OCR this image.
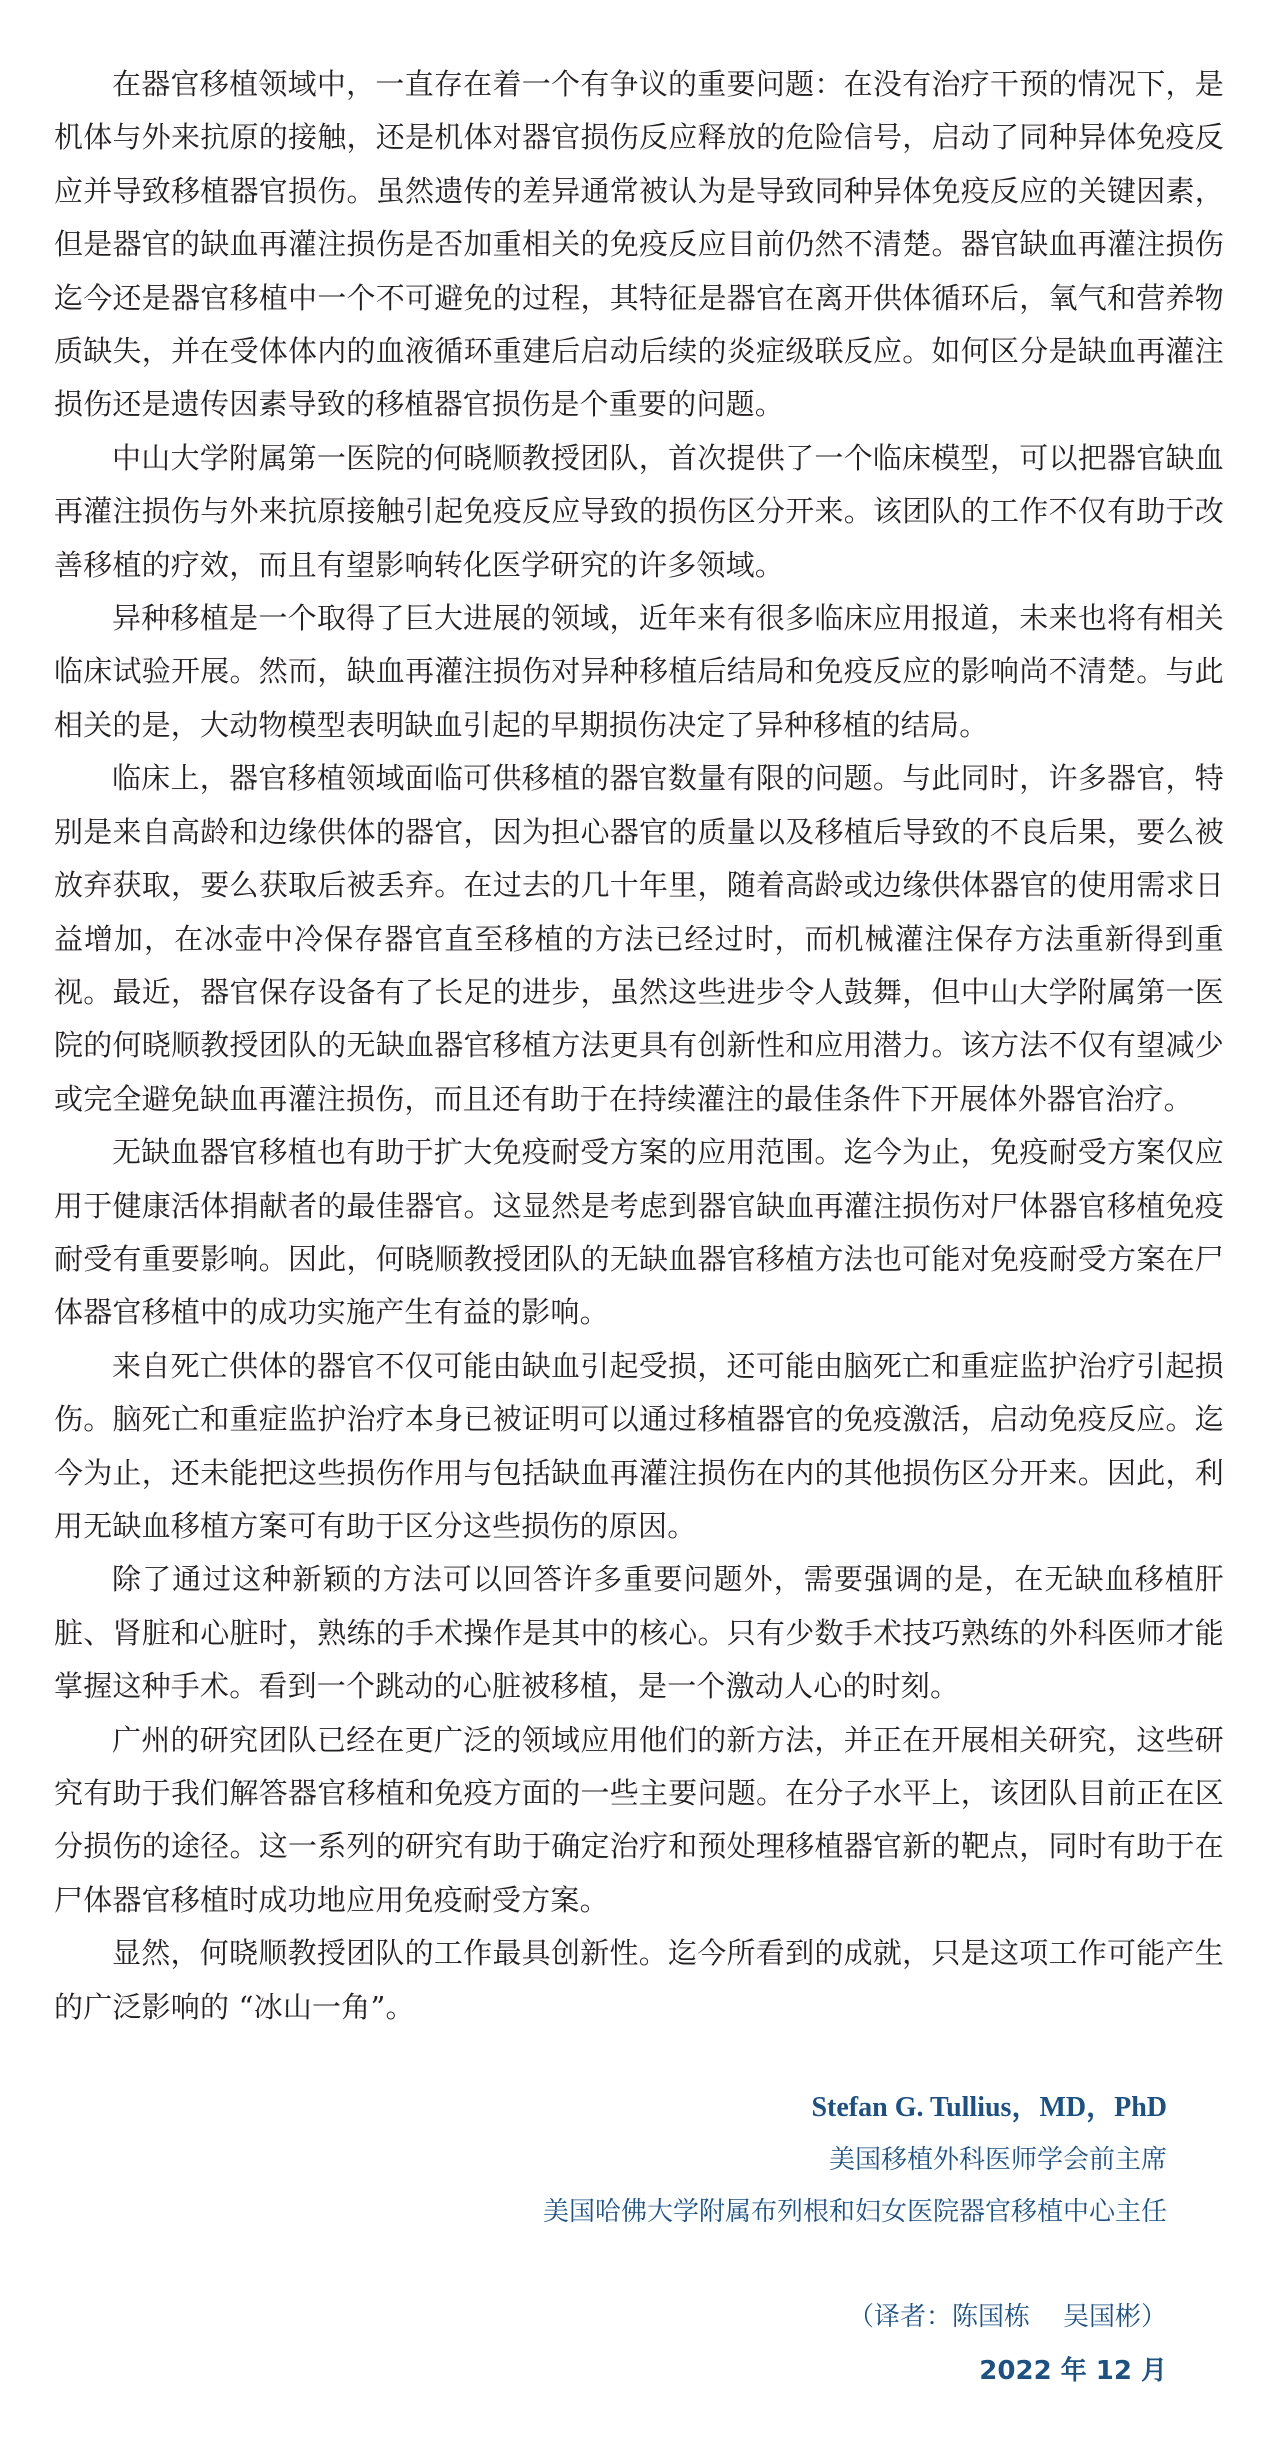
在器官移植领域中，一直存在着一个有争议的重要问题：在没有治疗干预的情况下，是机体与外来抗原的接触，还是机体对器官损伤反应释放的危险信号，启动了同种异体免疫反应并导致移植器官损伤。虽然遗传的差异通常被认为是导致同种异体免疫反应的关键因素，但是器官的缺血再灌注损伤是否加重相关的免疫反应目前仍然不清楚。器官缺血再灌注损伤迄今还是器官移植中一个不可避免的过程，其特征是器官在离开供体循环后，氧气和营养物质缺失，并在受体体内的血液循环重建后启动后续的炎症级联反应。如何区分是缺血再灌注损伤还是遗传因素导致的移植器官损伤是个重要的问题。

中山大学附属第一医院的何晓顺教授团队，首次提供了一个临床模型，可以把器官缺血再灌注损伤与外来抗原接触引起免疫反应导致的损伤区分开来。该团队的工作不仅有助于改善移植的疗效，而且有望影响转化医学研究的许多领域。

异种移植是一个取得了巨大进展的领域，近年来有很多临床应用报道，未来也将有相关临床试验开展。然而，缺血再灌注损伤对异种移植后结局和免疫反应的影响尚不清楚。与此相关的是，大动物模型表明缺血引起的早期损伤决定了异种移植的结局。

临床上，器官移植领域面临可供移植的器官数量有限的问题。与此同时，许多器官，特别是来自高龄和边缘供体的器官，因为担心器官的质量以及移植后导致的不良后果，要么被放弃获取，要么获取后被丢弃。在过去的几十年里，随着高龄或边缘供体器官的使用需求日益增加，在冰壶中冷保存器官直至移植的方法已经过时，而机械灌注保存方法重新得到重视。最近，器官保存设备有了长足的进步，虽然这些进步令人鼓舞，但中山大学附属第一医院的何晓顺教授团队的无缺血器官移植方法更具有创新性和应用潜力。该方法不仅有望减少或完全避免缺血再灌注损伤，而且还有助于在持续灌注的最佳条件下开展体外器官治疗。

无缺血器官移植也有助于扩大免疫耐受方案的应用范围。迄今为止，免疫耐受方案仅应用于健康活体捐献者的最佳器官。这显然是考虑到器官缺血再灌注损伤对尸体器官移植免疫耐受有重要影响。因此，何晓顺教授团队的无缺血器官移植方法也可能对免疫耐受方案在尸体器官移植中的成功实施产生有益的影响。

来自死亡供体的器官不仅可能由缺血引起受损，还可能由脑死亡和重症监护治疗引起损伤。脑死亡和重症监护治疗本身已被证明可以通过移植器官的免疫激活，启动免疫反应。迄今为止，还未能把这些损伤作用与包括缺血再灌注损伤在内的其他损伤区分开来。因此，利用无缺血移植方案可有助于区分这些损伤的原因。

除了通过这种新颖的方法可以回答许多重要问题外，需要强调的是，在无缺血移植肝脏、肾脏和心脏时，熟练的手术操作是其中的核心。只有少数手术技巧熟练的外科医师才能掌握这种手术。看到一个跳动的心脏被移植，是一个激动人心的时刻。

广州的研究团队已经在更广泛的领域应用他们的新方法，并正在开展相关研究，这些研究有助于我们解答器官移植和免疫方面的一些主要问题。在分子水平上，该团队目前正在区分损伤的途径。这一系列的研究有助于确定治疗和预处理移植器官新的靶点，同时有助于在尸体器官移植时成功地应用免疫耐受方案。

显然，何晓顺教授团队的工作最具创新性。迄今所看到的成就，只是这项工作可能产生的广泛影响的 “冰山一角”。

Stefan G. Tullius，MD，PhD
美国移植外科医师学会前主席
美国哈佛大学附属布列根和妇女医院器官移植中心主任
（译者：陈国栋    吴国彬）
2022 年 12 月
